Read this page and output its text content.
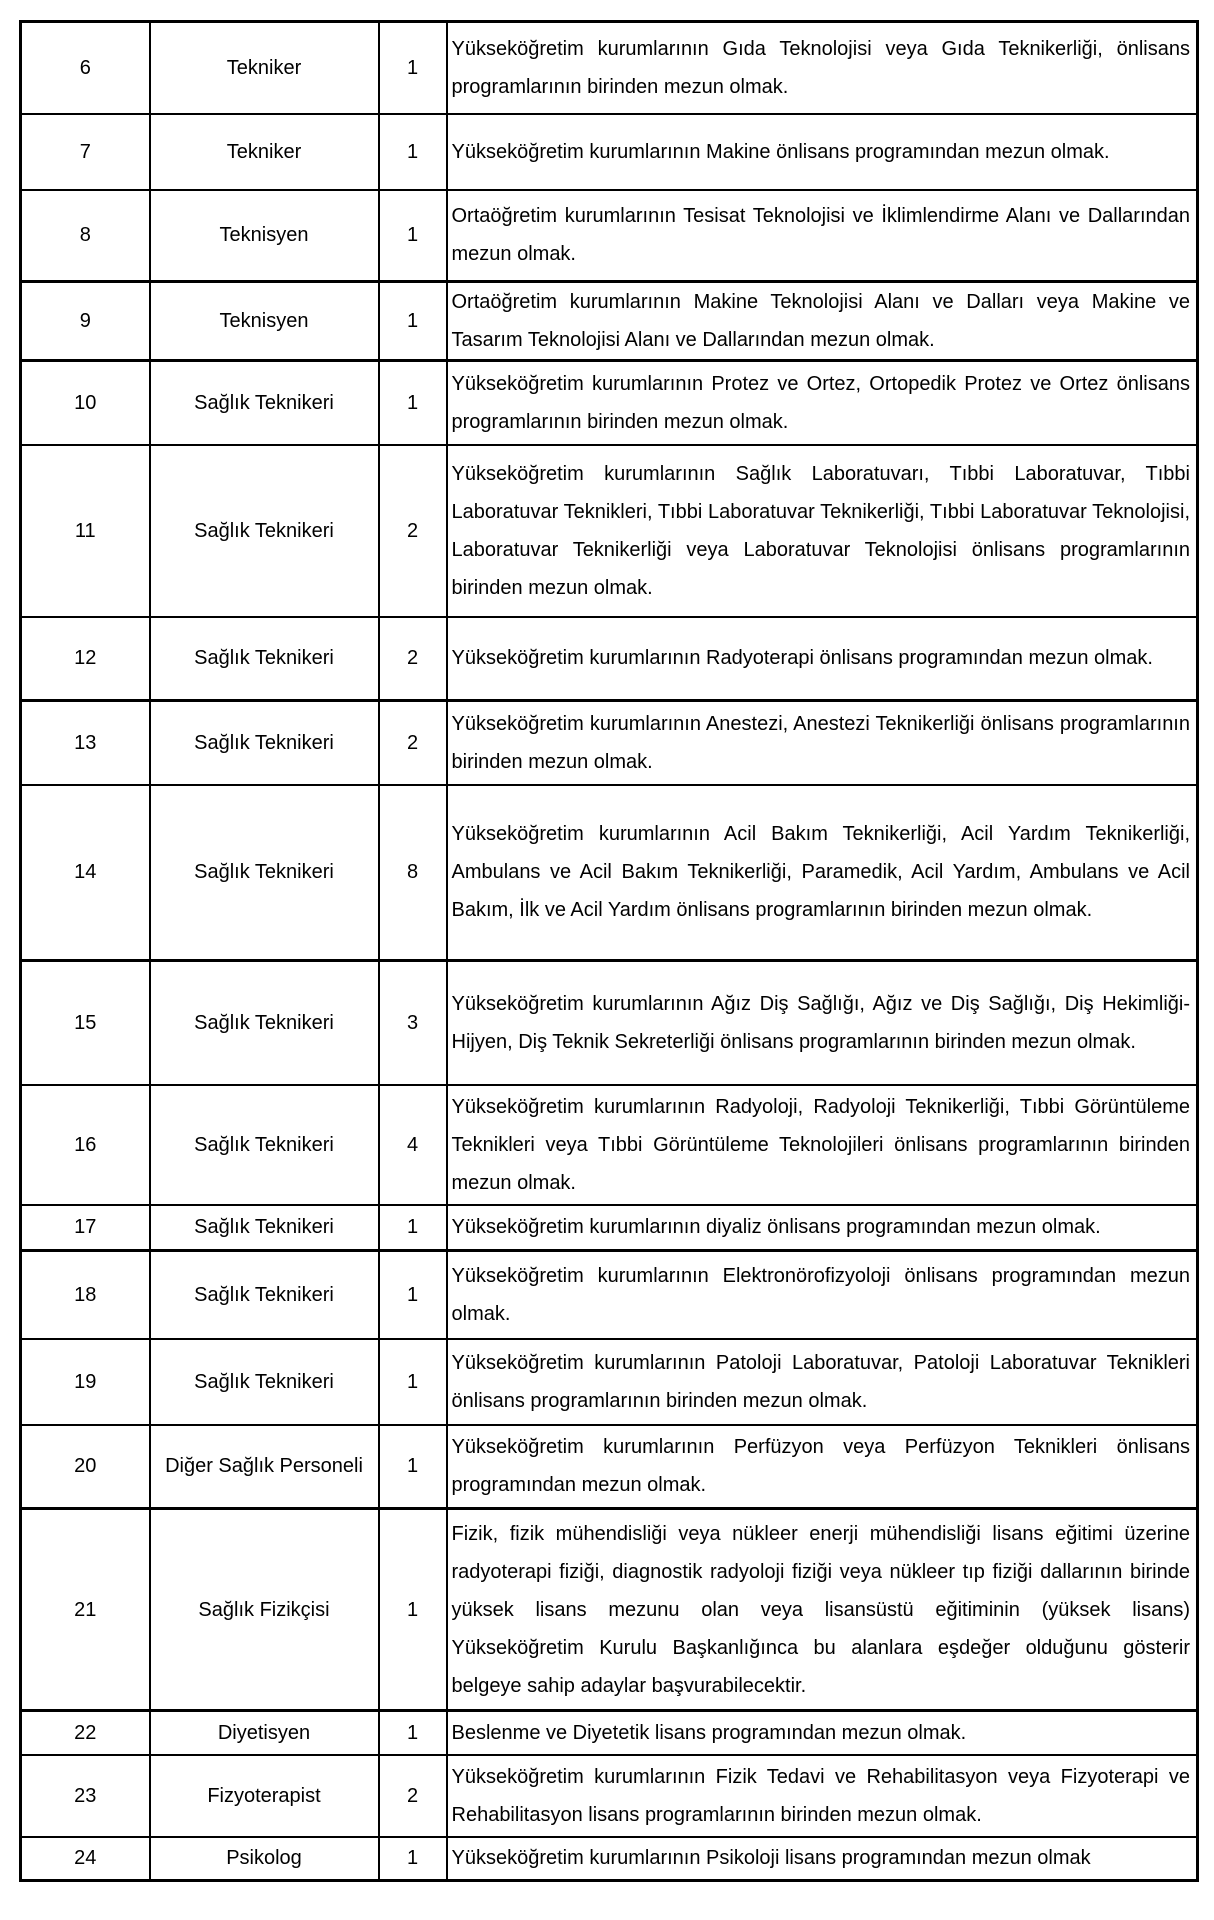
6	Tekniker	1	Yükseköğretim kurumlarının Gıda Teknolojisi veya Gıda Teknikerliği, önlisans programlarının birinden mezun olmak.
7	Tekniker	1	Yükseköğretim kurumlarının Makine önlisans programından mezun olmak.
8	Teknisyen	1	Ortaöğretim kurumlarının Tesisat Teknolojisi ve İklimlendirme Alanı ve Dallarından mezun olmak.
9	Teknisyen	1	Ortaöğretim kurumlarının Makine Teknolojisi Alanı ve Dalları veya Makine ve Tasarım Teknolojisi Alanı ve Dallarından mezun olmak.
10	Sağlık Teknikeri	1	Yükseköğretim kurumlarının Protez ve Ortez, Ortopedik Protez ve Ortez önlisans programlarının birinden mezun olmak.
11	Sağlık Teknikeri	2	Yükseköğretim kurumlarının Sağlık Laboratuvarı, Tıbbi Laboratuvar, Tıbbi Laboratuvar Teknikleri, Tıbbi Laboratuvar Teknikerliği, Tıbbi Laboratuvar Teknolojisi, Laboratuvar Teknikerliği veya Laboratuvar Teknolojisi önlisans programlarının birinden mezun olmak.
12	Sağlık Teknikeri	2	Yükseköğretim kurumlarının Radyoterapi önlisans programından mezun olmak.
13	Sağlık Teknikeri	2	Yükseköğretim kurumlarının Anestezi, Anestezi Teknikerliği önlisans programlarının birinden mezun olmak.
14	Sağlık Teknikeri	8	Yükseköğretim kurumlarının Acil Bakım Teknikerliği, Acil Yardım Teknikerliği, Ambulans ve Acil Bakım Teknikerliği, Paramedik, Acil Yardım, Ambulans ve Acil Bakım, İlk ve Acil Yardım önlisans programlarının birinden mezun olmak.
15	Sağlık Teknikeri	3	Yükseköğretim kurumlarının Ağız Diş Sağlığı, Ağız ve Diş Sağlığı, Diş Hekimliği-Hijyen, Diş Teknik Sekreterliği önlisans programlarının birinden mezun olmak.
16	Sağlık Teknikeri	4	Yükseköğretim kurumlarının Radyoloji, Radyoloji Teknikerliği, Tıbbi Görüntüleme Teknikleri veya Tıbbi Görüntüleme Teknolojileri önlisans programlarının birinden mezun olmak.
17	Sağlık Teknikeri	1	Yükseköğretim kurumlarının diyaliz önlisans programından mezun olmak.
18	Sağlık Teknikeri	1	Yükseköğretim kurumlarının Elektronörofizyoloji önlisans programından mezun olmak.
19	Sağlık Teknikeri	1	Yükseköğretim kurumlarının Patoloji Laboratuvar, Patoloji Laboratuvar Teknikleri önlisans programlarının birinden mezun olmak.
20	Diğer Sağlık Personeli	1	Yükseköğretim kurumlarının Perfüzyon veya Perfüzyon Teknikleri önlisans programından mezun olmak.
21	Sağlık Fizikçisi	1	Fizik, fizik mühendisliği veya nükleer enerji mühendisliği lisans eğitimi üzerine radyoterapi fiziği, diagnostik radyoloji fiziği veya nükleer tıp fiziği dallarının birinde yüksek lisans mezunu olan veya lisansüstü eğitiminin (yüksek lisans) Yükseköğretim Kurulu Başkanlığınca bu alanlara eşdeğer olduğunu gösterir belgeye sahip adaylar başvurabilecektir.
22	Diyetisyen	1	Beslenme ve Diyetetik lisans programından mezun olmak.
23	Fizyoterapist	2	Yükseköğretim kurumlarının Fizik Tedavi ve Rehabilitasyon veya Fizyoterapi ve Rehabilitasyon lisans programlarının birinden mezun olmak.
24	Psikolog	1	Yükseköğretim kurumlarının Psikoloji lisans programından mezun olmak
